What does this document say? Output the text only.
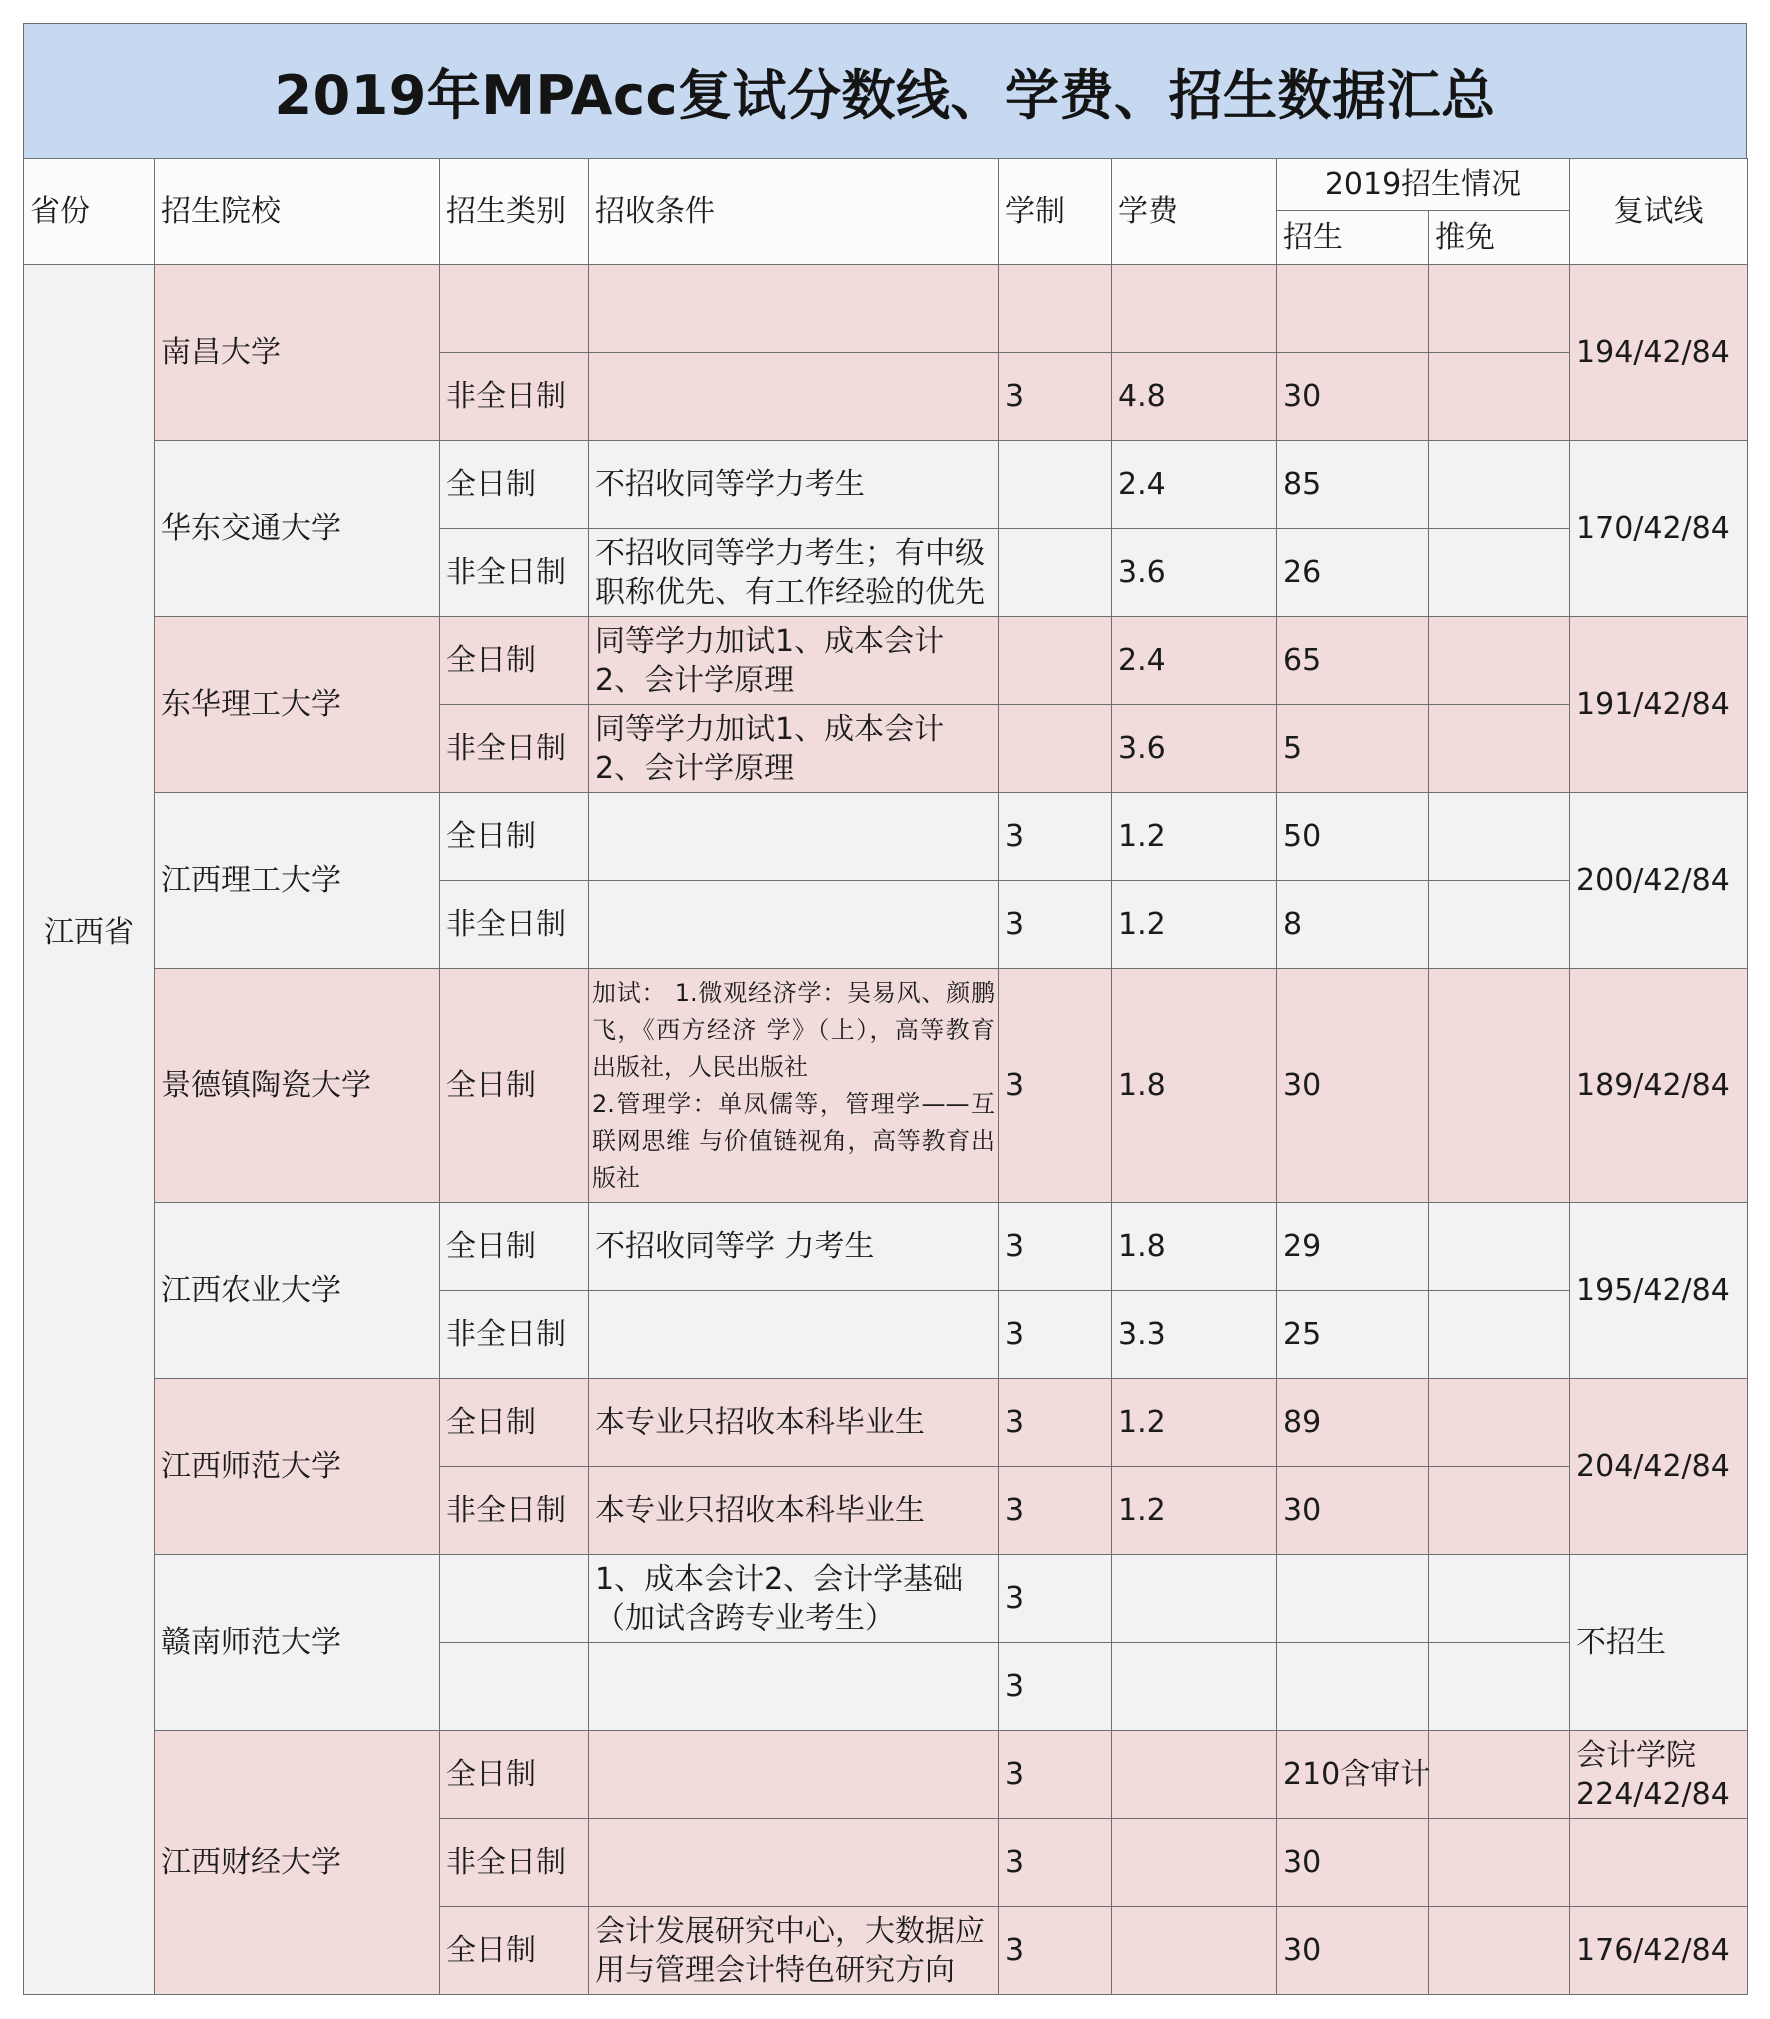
2019年MPAcc复试分数线、学费、招生数据汇总
省份	招生院校	招生类别	招收条件	学制	学费	2019招生情况		复试线
						招生	推免	
江西省	南昌大学							194/42/84
		非全日制		3	4.8	30		
	华东交通大学	全日制	不招收同等学力考生		2.4	85		170/42/84
		非全日制	不招收同等学力考生；有中级职称优先、有工作经验的优先		3.6	26		
	东华理工大学	全日制	同等学力加试1、成本会计2、会计学原理		2.4	65		191/42/84
		非全日制	同等学力加试1、成本会计2、会计学原理		3.6	5		
	江西理工大学	全日制		3	1.2	50		200/42/84
		非全日制		3	1.2	8		
	景德镇陶瓷大学	全日制	加试： 1.微观经济学：吴易风、颜鹏飞，《西方经济 学》（上），高等教育出版社，人民出版社
2.管理学：单凤儒等，管理学——互联网思维 与价值链视角，高等教育出版社	3	1.8	30		189/42/84
	江西农业大学	全日制	不招收同等学 力考生	3	1.8	29		195/42/84
		非全日制		3	3.3	25		
	江西师范大学	全日制	本专业只招收本科毕业生	3	1.2	89		204/42/84
		非全日制	本专业只招收本科毕业生	3	1.2	30		
	赣南师范大学		1、成本会计2、会计学基础
（加试含跨专业考生）	3				不招生
				3				
	江西财经大学	全日制		3		210含审计		会计学院
224/42/84
		非全日制		3		30		
		全日制	会计发展研究中心，大数据应用与管理会计特色研究方向	3		30		176/42/84
